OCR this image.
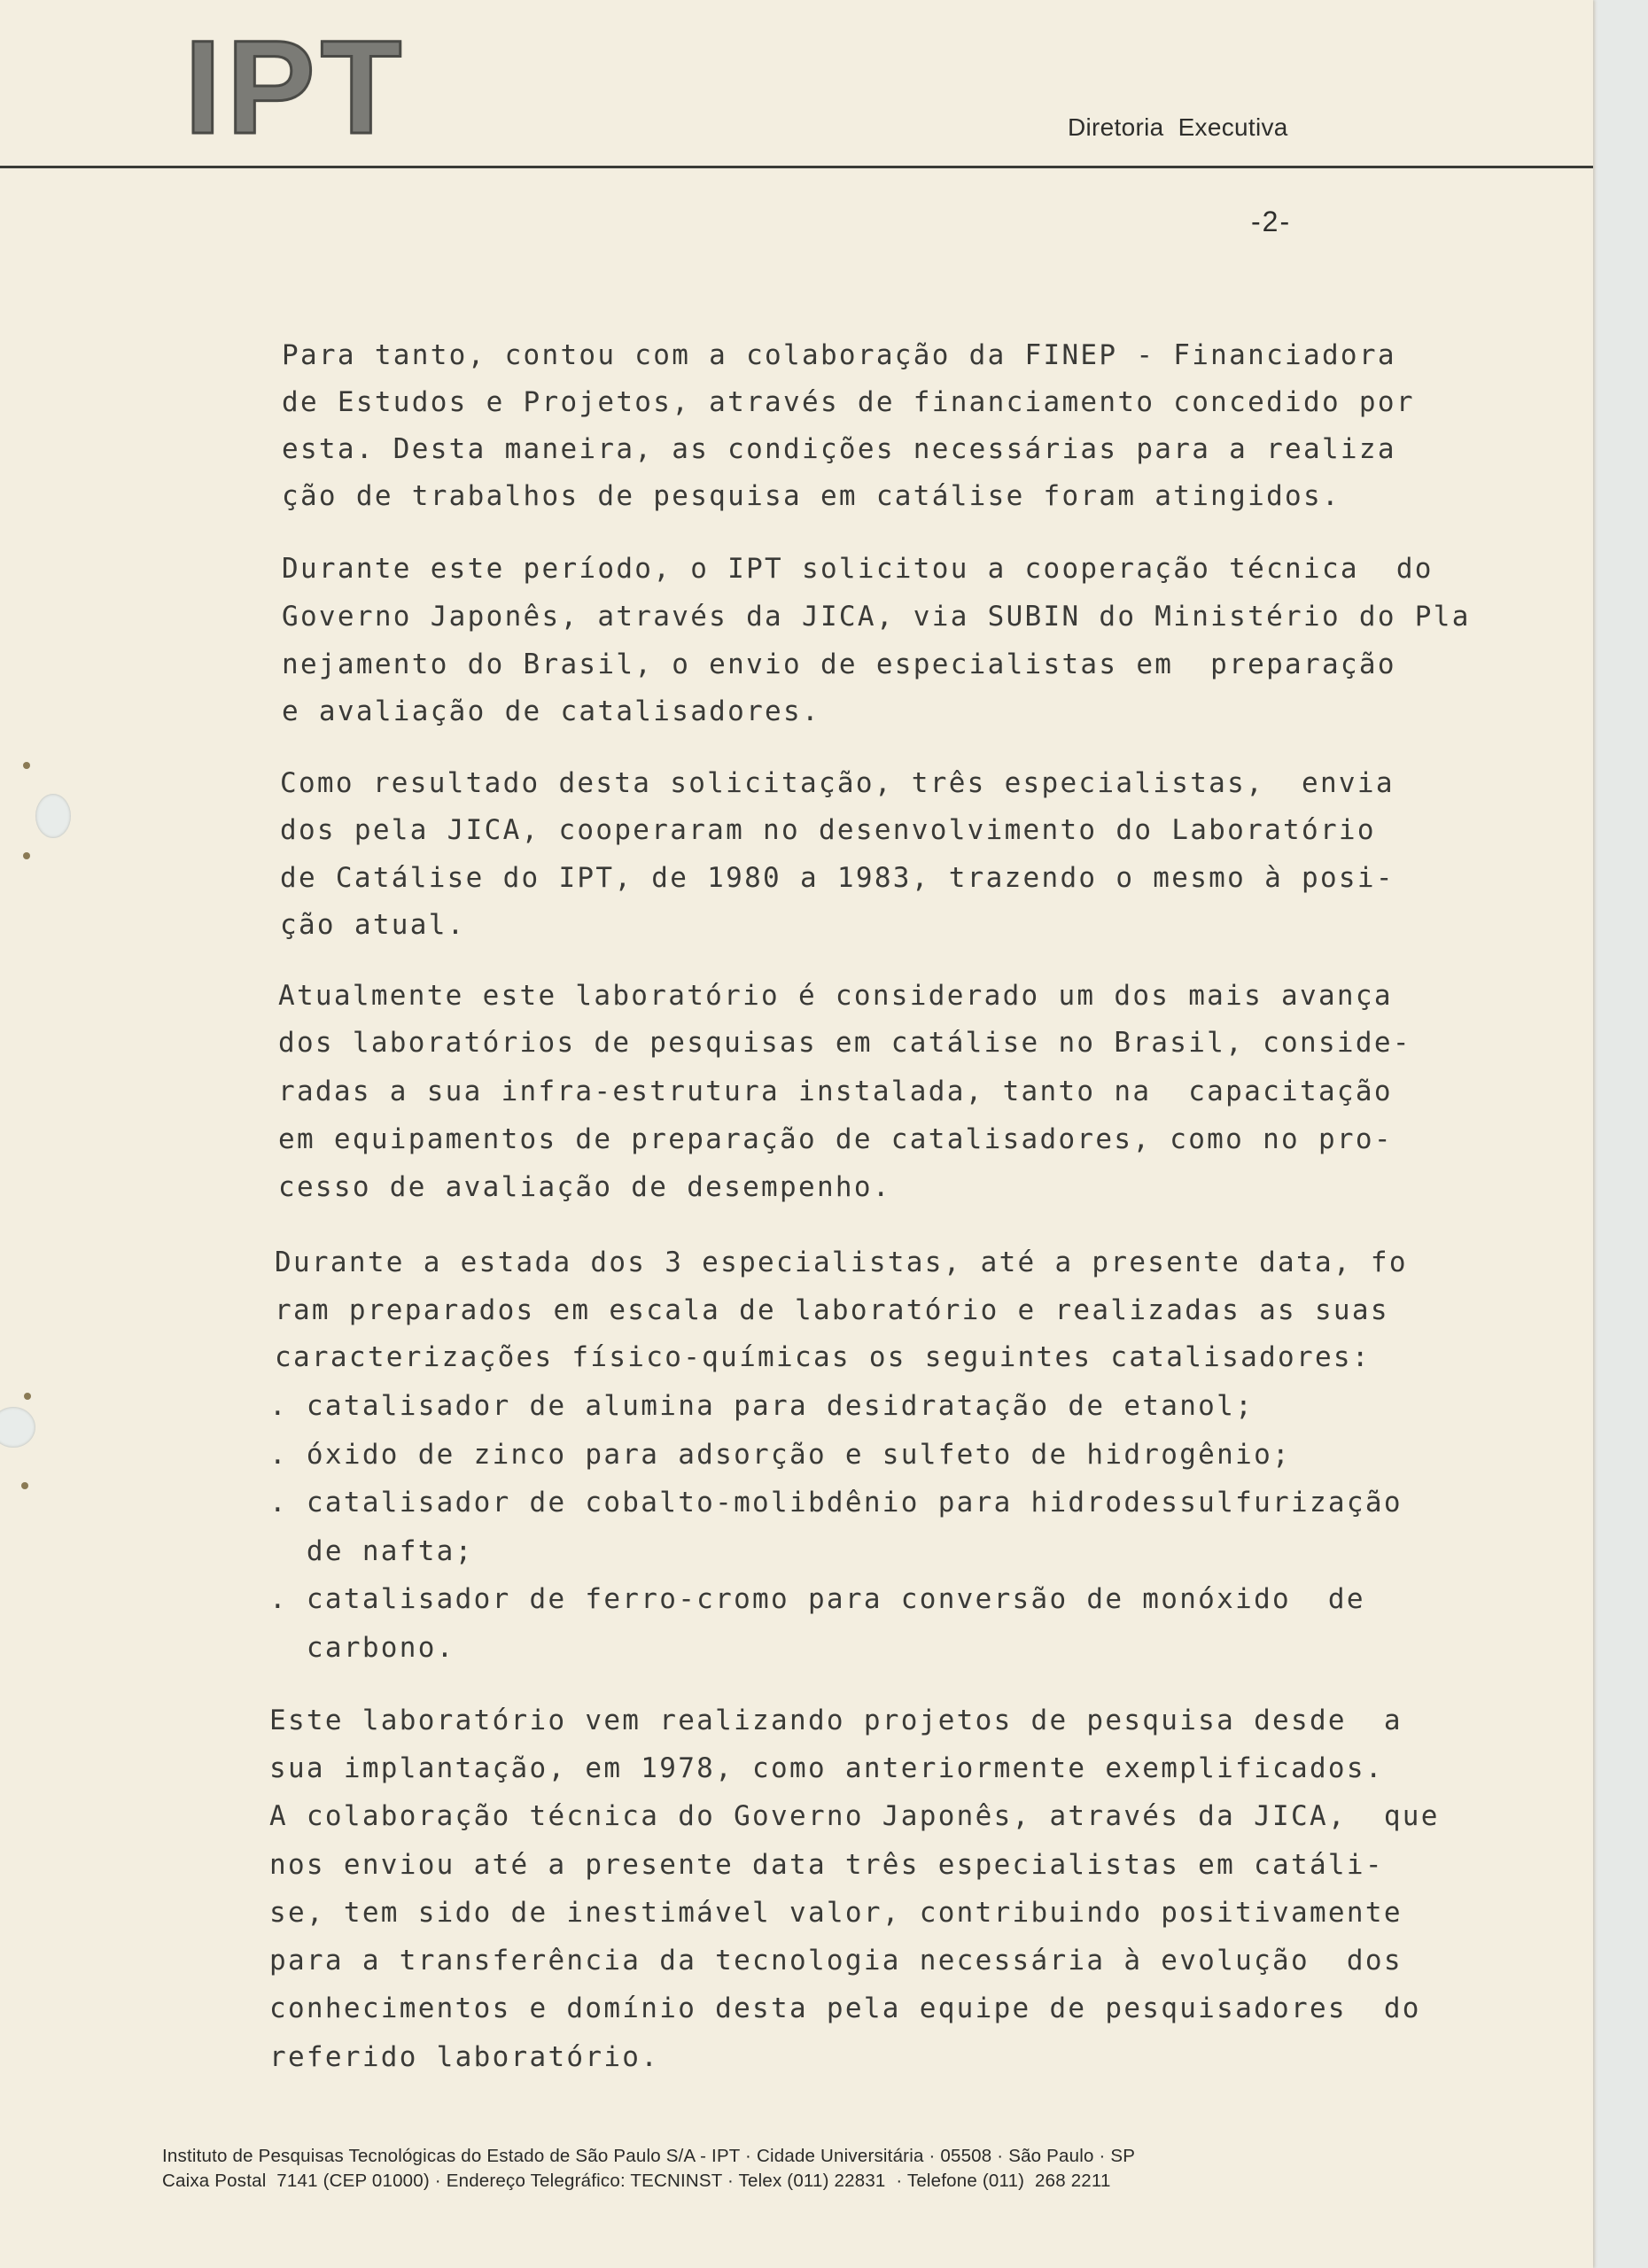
IPT	Diretoria Executiva
-2-
Para tanto, contou com a colaboração da FINEP - Financiadora
de Estudos e Projetos, através de financiamento concedido por
esta. Desta maneira, as condições necessárias para a realiza
ção de trabalhos de pesquisa em catálise foram atingidos.
Durante este período, o IPT solicitou a cooperação técnica  do
Governo Japonês, através da JICA, via SUBIN do Ministério do Pla
nejamento do Brasil, o envio de especialistas em  preparação
e avaliação de catalisadores.
Como resultado desta solicitação, três especialistas,  envia
dos pela JICA, cooperaram no desenvolvimento do Laboratório
de Catálise do IPT, de 1980 a 1983, trazendo o mesmo à posi-
ção atual.
Atualmente este laboratório é considerado um dos mais avança
dos laboratórios de pesquisas em catálise no Brasil, conside-
radas a sua infra-estrutura instalada, tanto na  capacitação
em equipamentos de preparação de catalisadores, como no pro-
cesso de avaliação de desempenho.
Durante a estada dos 3 especialistas, até a presente data, fo
ram preparados em escala de laboratório e realizadas as suas
caracterizações físico-químicas os seguintes catalisadores:
. catalisador de alumina para desidratação de etanol;
. óxido de zinco para adsorção e sulfeto de hidrogênio;
. catalisador de cobalto-molibdênio para hidrodessulfurização
de nafta;
. catalisador de ferro-cromo para conversão de monóxido  de
carbono.
Este laboratório vem realizando projetos de pesquisa desde  a
sua implantação, em 1978, como anteriormente exemplificados.
A colaboração técnica do Governo Japonês, através da JICA,  que
nos enviou até a presente data três especialistas em catáli-
se, tem sido de inestimável valor, contribuindo positivamente
para a transferência da tecnologia necessária à evolução  dos
conhecimentos e domínio desta pela equipe de pesquisadores  do
referido laboratório.
Instituto de Pesquisas Tecnológicas do Estado de São Paulo S/A - IPT · Cidade Universitária · 05508 · São Paulo · SP
Caixa Postal  7141 (CEP 01000) · Endereço Telegráfico: TECNINST · Telex (011) 22831  · Telefone (011)  268 2211
